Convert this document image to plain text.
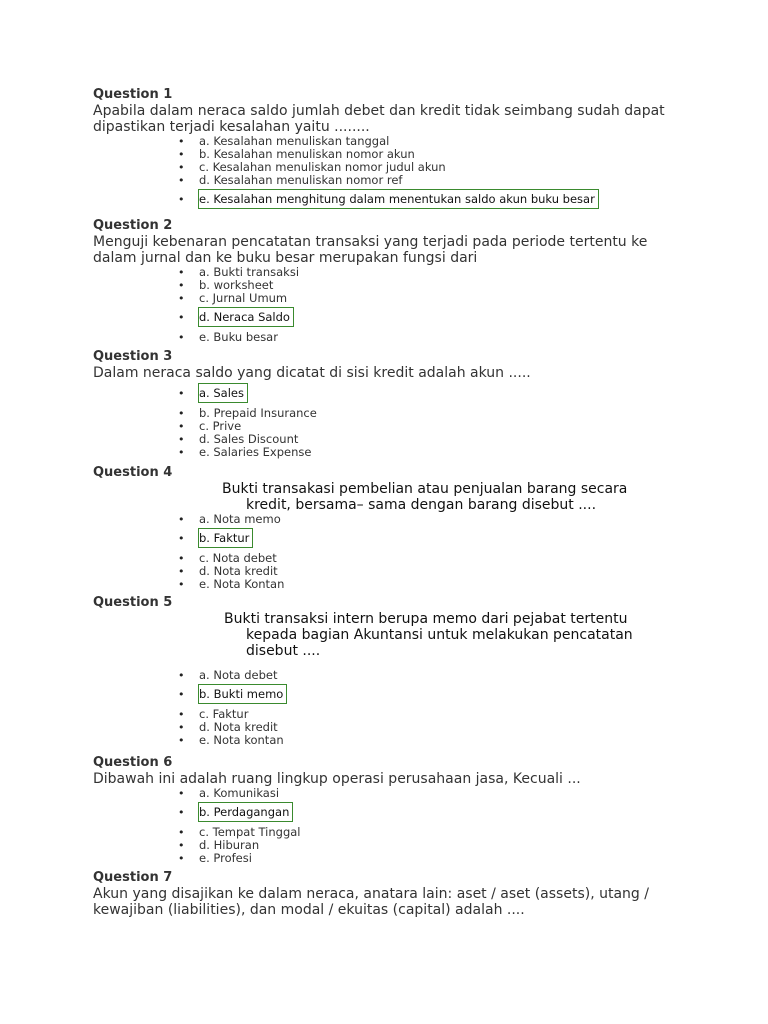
Question 1
Apabila dalam neraca saldo jumlah debet dan kredit tidak seimbang sudah dapat dipastikan terjadi kesalahan yaitu ........
• a. Kesalahan menuliskan tanggal
• b. Kesalahan menuliskan nomor akun
• c. Kesalahan menuliskan nomor judul akun
• d. Kesalahan menuliskan nomor ref
• e. Kesalahan menghitung dalam menentukan saldo akun buku besar
Question 2
Menguji kebenaran pencatatan transaksi yang terjadi pada periode tertentu ke dalam jurnal dan ke buku besar merupakan fungsi dari
• a. Bukti transaksi
• b. worksheet
• c. Jurnal Umum
• d. Neraca Saldo
• e. Buku besar
Question 3
Dalam neraca saldo yang dicatat di sisi kredit adalah akun .....
• a. Sales
• b. Prepaid Insurance
• c. Prive
• d. Sales Discount
• e. Salaries Expense
Question 4
Bukti transakasi pembelian atau penjualan barang secara
kredit, bersama– sama dengan barang disebut ....
• a. Nota memo
• b. Faktur
• c. Nota debet
• d. Nota kredit
• e. Nota Kontan
Question 5
Bukti transaksi intern berupa memo dari pejabat tertentu
kepada bagian Akuntansi untuk melakukan pencatatan
disebut ....
• a. Nota debet
• b. Bukti memo
• c. Faktur
• d. Nota kredit
• e. Nota kontan
Question 6
Dibawah ini adalah ruang lingkup operasi perusahaan jasa, Kecuali ...
• a. Komunikasi
• b. Perdagangan
• c. Tempat Tinggal
• d. Hiburan
• e. Profesi
Question 7
Akun yang disajikan ke dalam neraca, anatara lain: aset / aset (assets), utang / kewajiban (liabilities), dan modal / ekuitas (capital) adalah ....
